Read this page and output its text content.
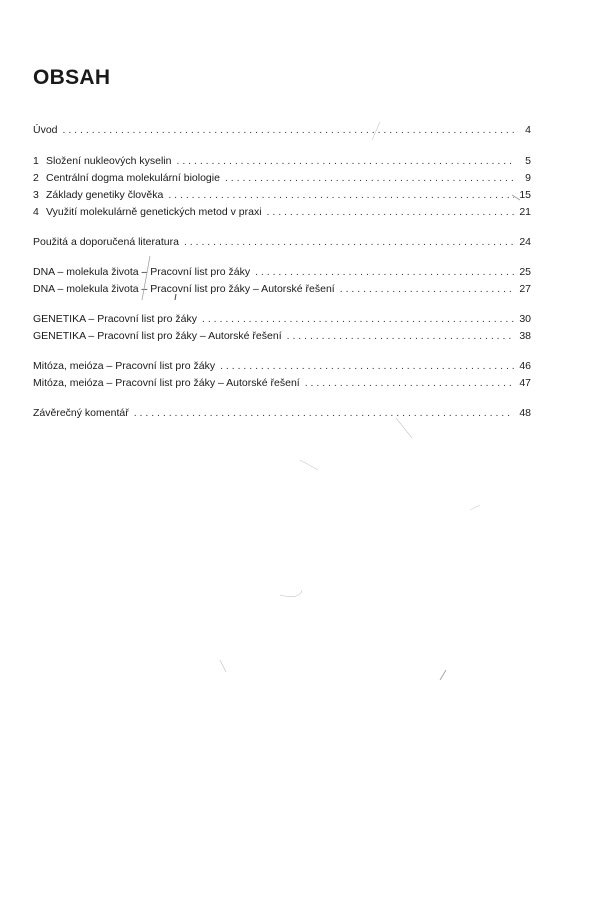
OBSAH
Úvod . . .	4
1 Složení nukleových kyselin . . .	5
2 Centrální dogma molekulární biologie . . .	9
3 Základy genetiky člověka . . .	15
4 Využití molekulárně genetických metod v praxi . . .	21
Použitá a doporučená literatura . . .	24
DNA – molekula života – Pracovní list pro žáky . . .	25
DNA – molekula života – Pracovní list pro žáky – Autorské řešení . . .	27
GENETIKA – Pracovní list pro žáky . . .	30
GENETIKA – Pracovní list pro žáky – Autorské řešení . . .	38
Mitóza, meióza – Pracovní list pro žáky . . .	46
Mitóza, meióza – Pracovní list pro žáky – Autorské řešení . . .	47
Závěrečný komentář . . .	48
